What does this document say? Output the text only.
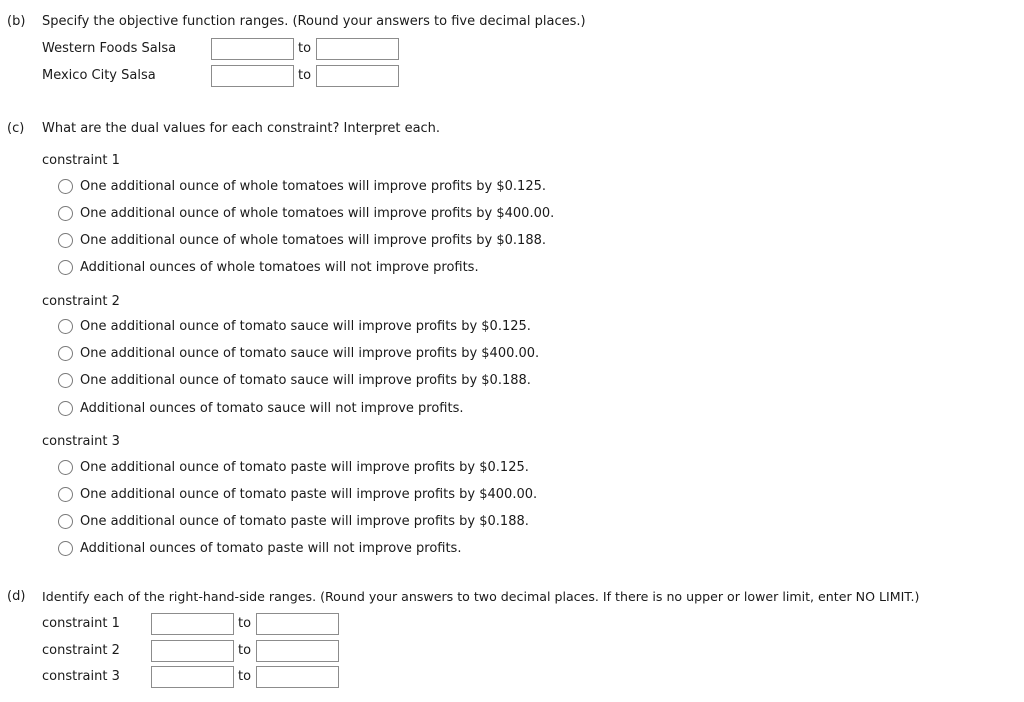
(b) Specify the objective function ranges. (Round your answers to five decimal places.)
Western Foods Salsa	to
Mexico City Salsa	to
(c) What are the dual values for each constraint? Interpret each.
constraint 1
One additional ounce of whole tomatoes will improve profits by $0.125.
One additional ounce of whole tomatoes will improve profits by $400.00.
One additional ounce of whole tomatoes will improve profits by $0.188.
Additional ounces of whole tomatoes will not improve profits.
constraint 2
One additional ounce of tomato sauce will improve profits by $0.125.
One additional ounce of tomato sauce will improve profits by $400.00.
One additional ounce of tomato sauce will improve profits by $0.188.
Additional ounces of tomato sauce will not improve profits.
constraint 3
One additional ounce of tomato paste will improve profits by $0.125.
One additional ounce of tomato paste will improve profits by $400.00.
One additional ounce of tomato paste will improve profits by $0.188.
Additional ounces of tomato paste will not improve profits.
(d) Identify each of the right-hand-side ranges. (Round your answers to two decimal places. If there is no upper or lower limit, enter NO LIMIT.)
constraint 1	to
constraint 2	to
constraint 3	to
